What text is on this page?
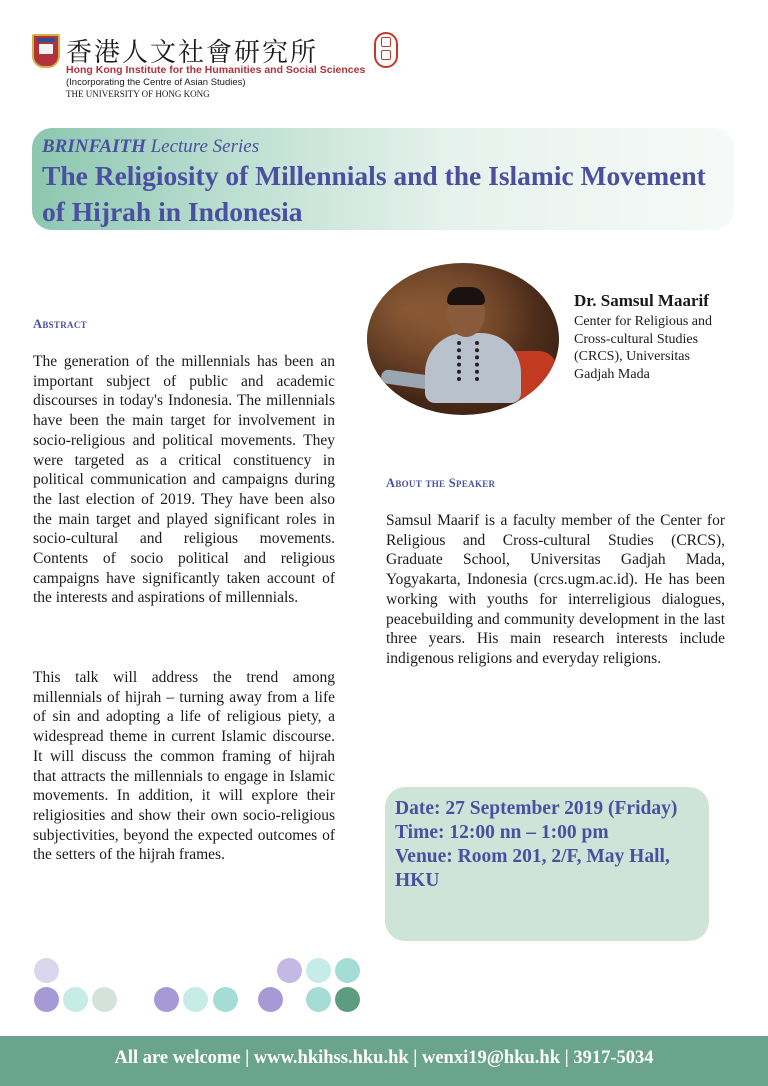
香港人文社會研究所
Hong Kong Institute for the Humanities and Social Sciences
(Incorporating the Centre of Asian Studies)
THE UNIVERSITY OF HONG KONG
BRINFAITH Lecture Series
The Religiosity of Millennials and the Islamic Movement of Hijrah in Indonesia
Dr. Samsul Maarif
Center for Religious and Cross-cultural Studies (CRCS), Universitas Gadjah Mada
Abstract
The generation of the millennials has been an important subject of public and academic discourses in today's Indonesia. The millennials have been the main target for involvement in socio-religious and political movements. They were targeted as a critical constituency in political communication and campaigns during the last election of 2019. They have been also the main target and played significant roles in socio-cultural and religious movements. Contents of socio political and religious campaigns have significantly taken account of the interests and aspirations of millennials.
This talk will address the trend among millennials of hijrah – turning away from a life of sin and adopting a life of religious piety, a widespread theme in current Islamic discourse. It will discuss the common framing of hijrah that attracts the millennials to engage in Islamic movements. In addition, it will explore their religiosities and show their own socio-religious subjectivities, beyond the expected outcomes of the setters of the hijrah frames.
About the Speaker
Samsul Maarif is a faculty member of the Center for Religious and Cross-cultural Studies (CRCS), Graduate School, Universitas Gadjah Mada, Yogyakarta, Indonesia (crcs.ugm.ac.id). He has been working with youths for interreligious dialogues, peacebuilding and community development in the last three years. His main research interests include indigenous religions and everyday religions.
Date: 27 September 2019 (Friday)
Time: 12:00 nn – 1:00 pm
Venue: Room 201, 2/F, May Hall,
HKU
All are welcome | www.hkihss.hku.hk | wenxi19@hku.hk | 3917-5034
